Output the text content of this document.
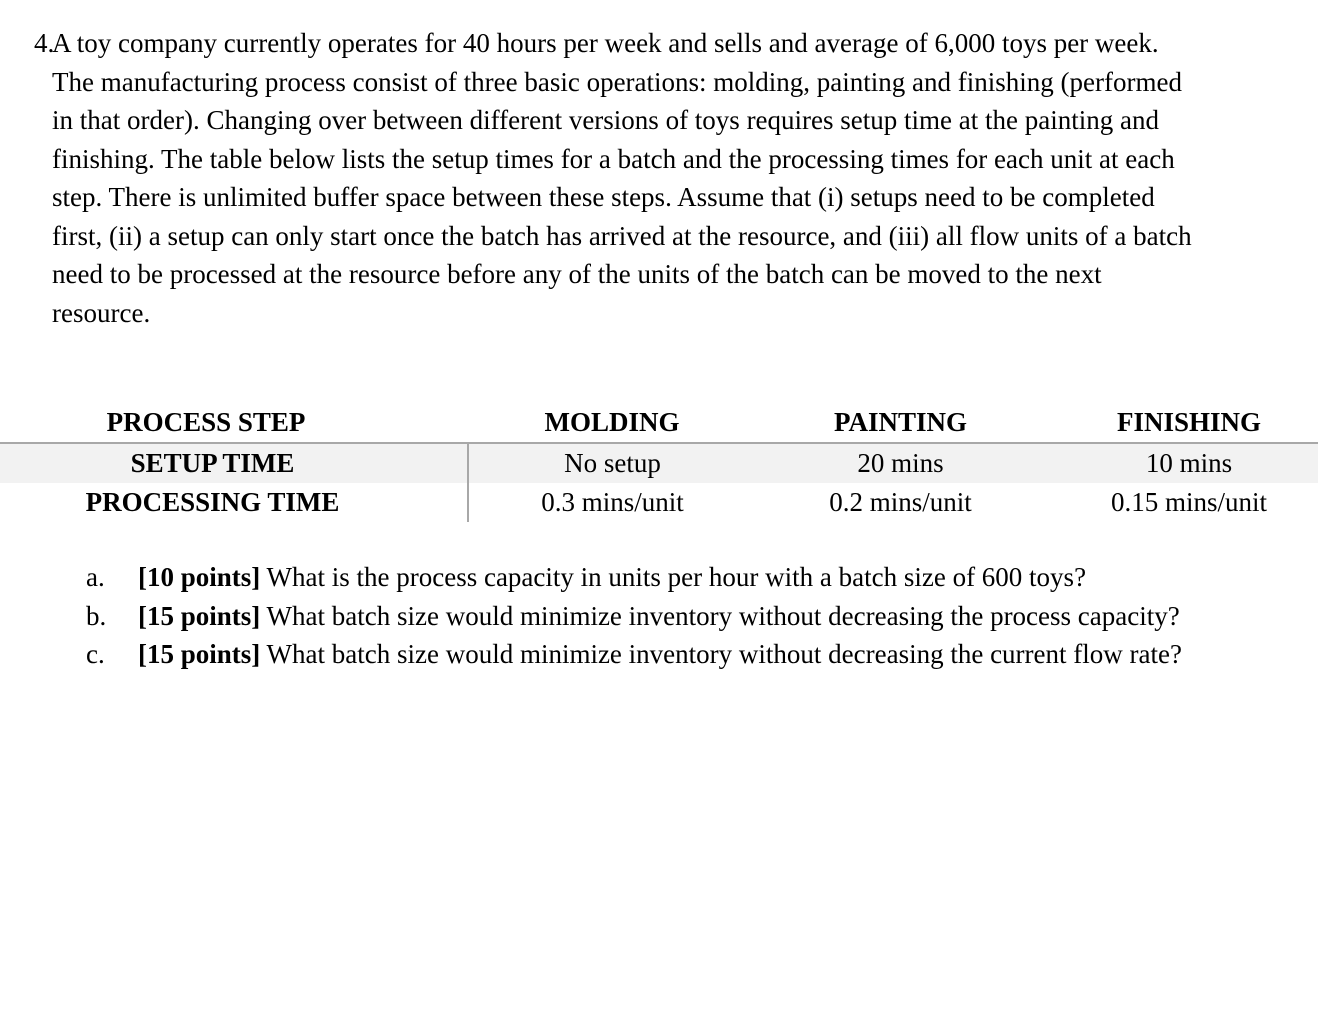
4.
A toy company currently operates for 40 hours per week and sells and average of 6,000 toys per week. The manufacturing process consist of three basic operations: molding, painting and finishing (performed in that order). Changing over between different versions of toys requires setup time at the painting and finishing. The table below lists the setup times for a batch and the processing times for each unit at each step. There is unlimited buffer space between these steps. Assume that (i) setups need to be completed first, (ii) a setup can only start once the batch has arrived at the resource, and (iii) all flow units of a batch need to be processed at the resource before any of the units of the batch can be moved to the next resource.
PROCESS STEP	MOLDING	PAINTING	FINISHING

SETUP TIME	No setup	20 mins	10 mins
PROCESSING TIME	0.3 mins/unit	0.2 mins/unit	0.15 mins/unit
a.	[10 points] What is the process capacity in units per hour with a batch size of 600 toys?
b.	[15 points] What batch size would minimize inventory without decreasing the process capacity?
c.	[15 points] What batch size would minimize inventory without decreasing the current flow rate?
